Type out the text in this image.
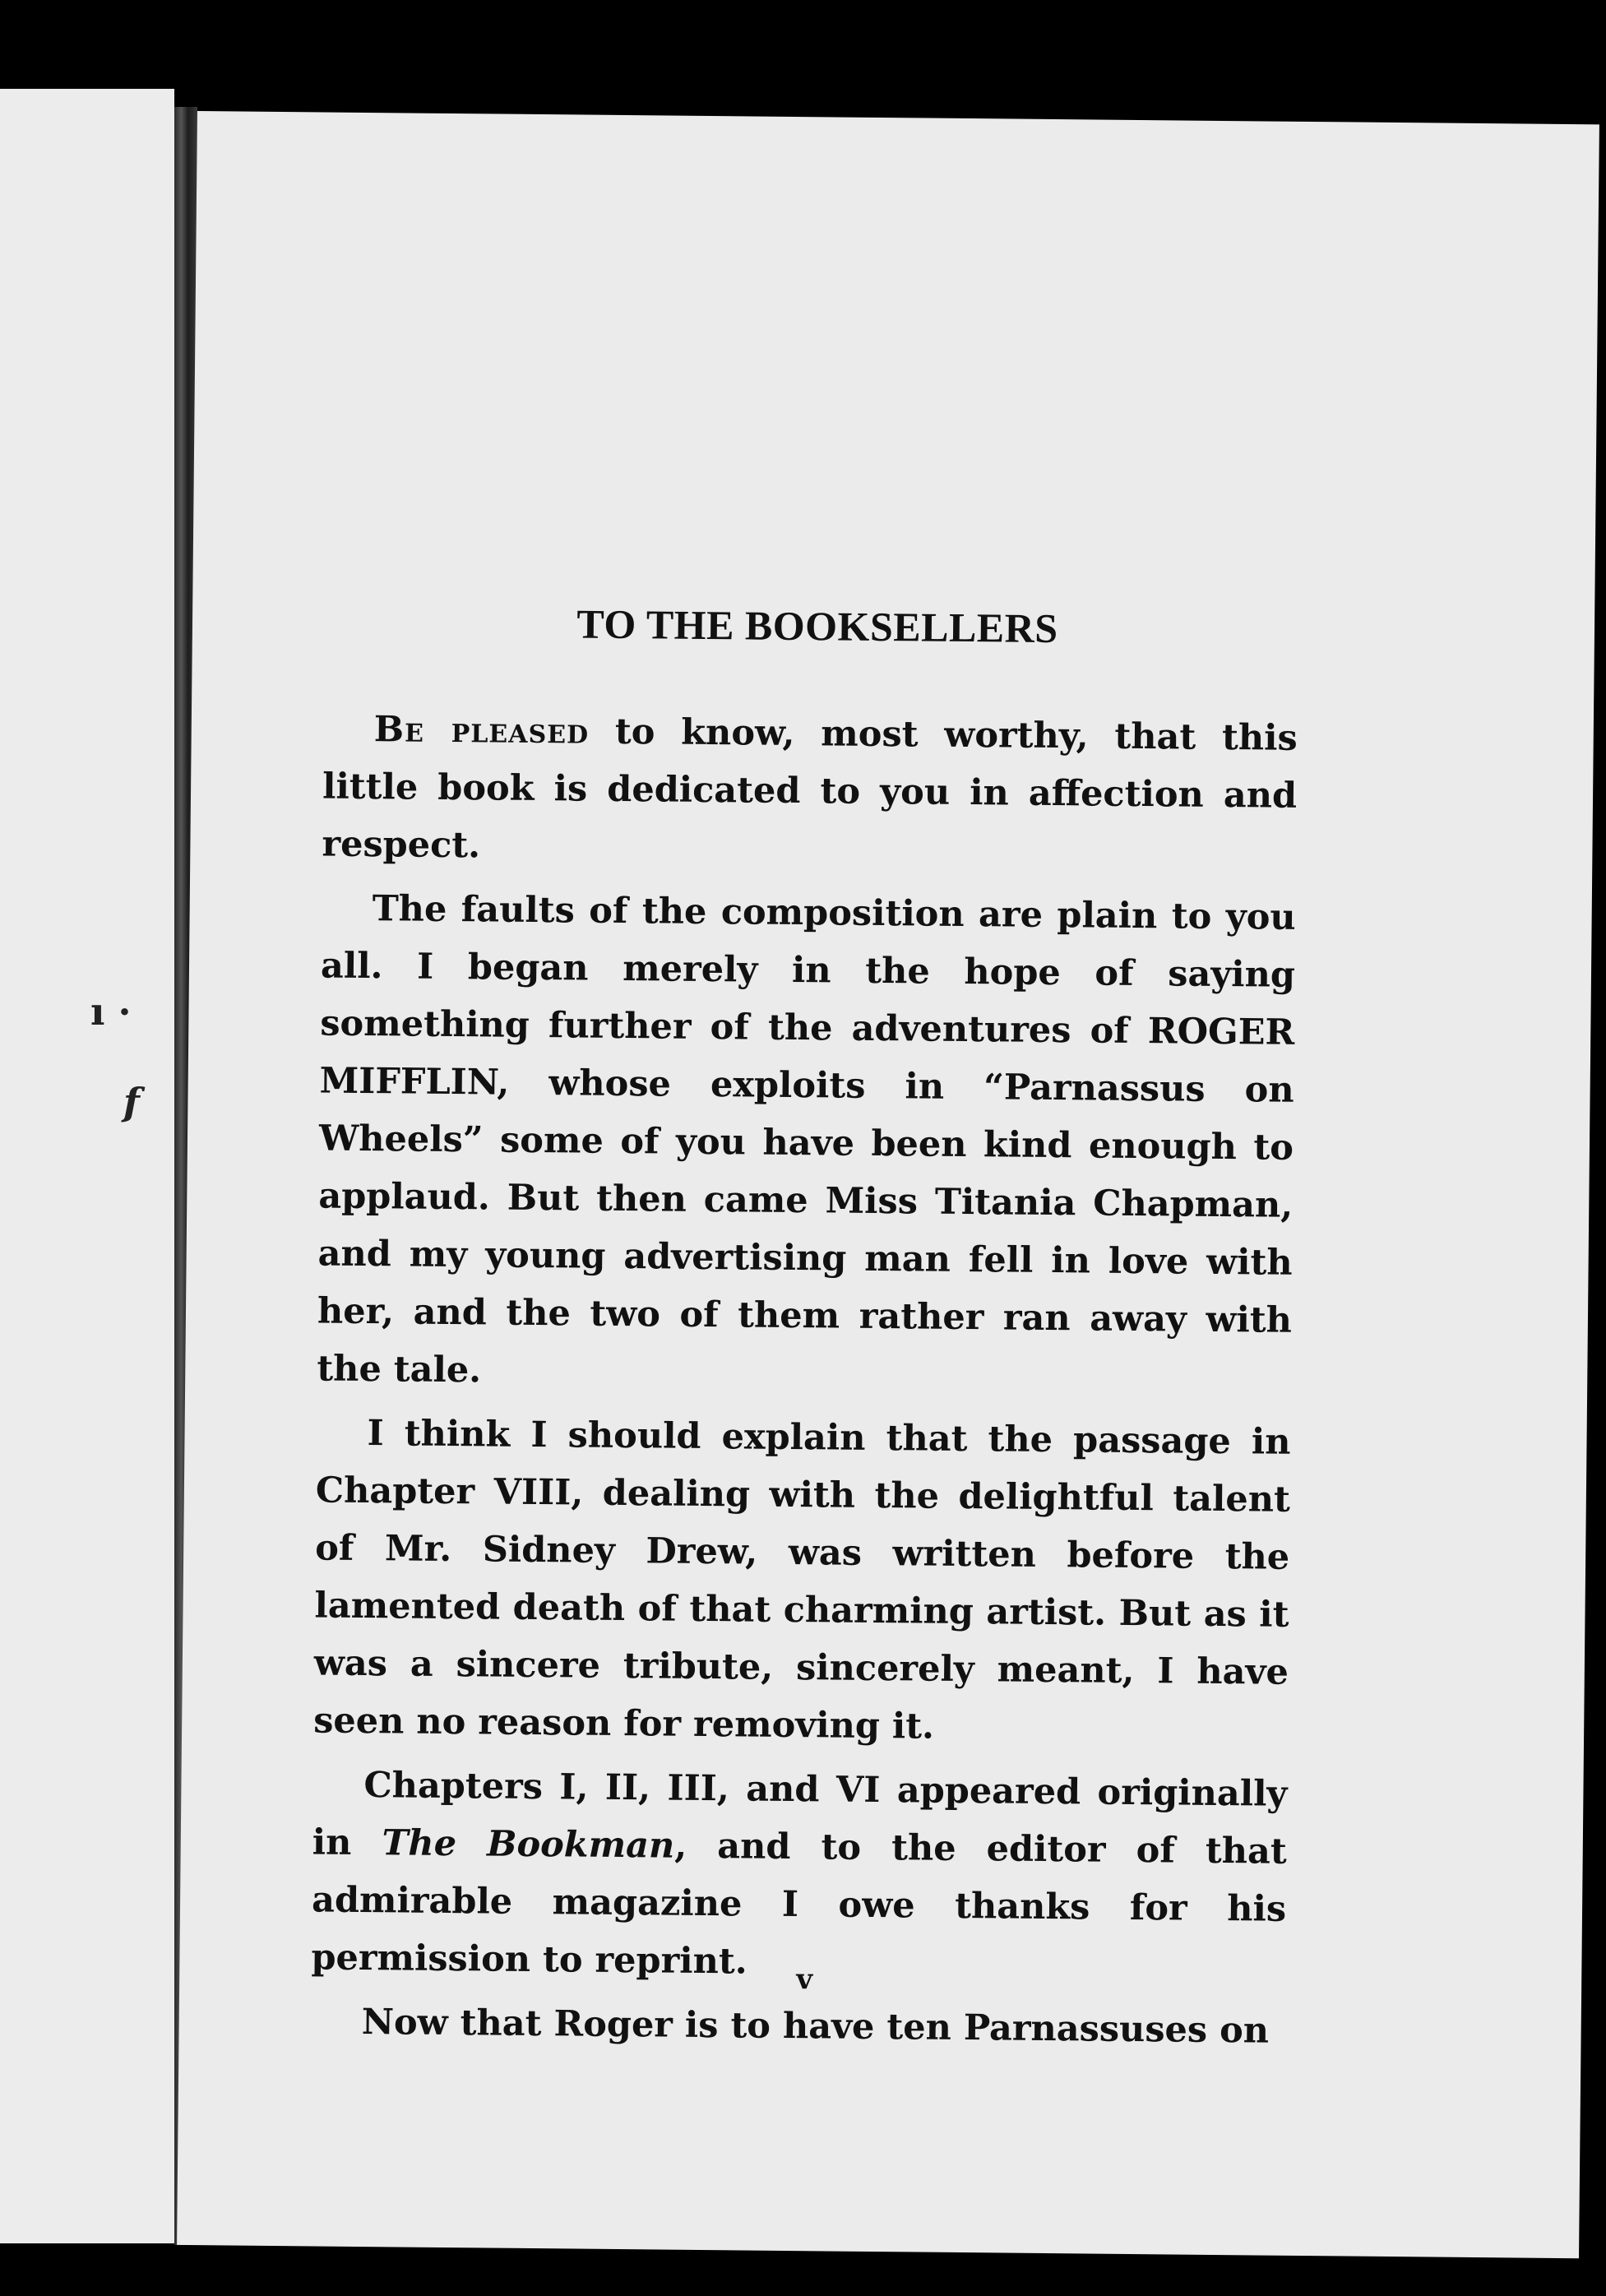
ı ·
f
TO THE BOOKSELLERS

Be pleased to know, most worthy, that this little book is dedicated to you in affection and respect.

The faults of the composition are plain to you all. I began merely in the hope of saying something further of the adventures of ROGER MIFFLIN, whose exploits in “Parnassus on Wheels” some of you have been kind enough to applaud. But then came Miss Titania Chapman, and my young advertising man fell in love with her, and the two of them rather ran away with the tale.

I think I should explain that the passage in Chapter VIII, dealing with the delightful talent of Mr. Sidney Drew, was written before the lamented death of that charming artist. But as it was a sincere tribute, sincerely meant, I have seen no reason for removing it.

Chapters I, II, III, and VI appeared originally in The Bookman, and to the editor of that admirable magazine I owe thanks for his permission to reprint.

Now that Roger is to have ten Parnassuses on

v
